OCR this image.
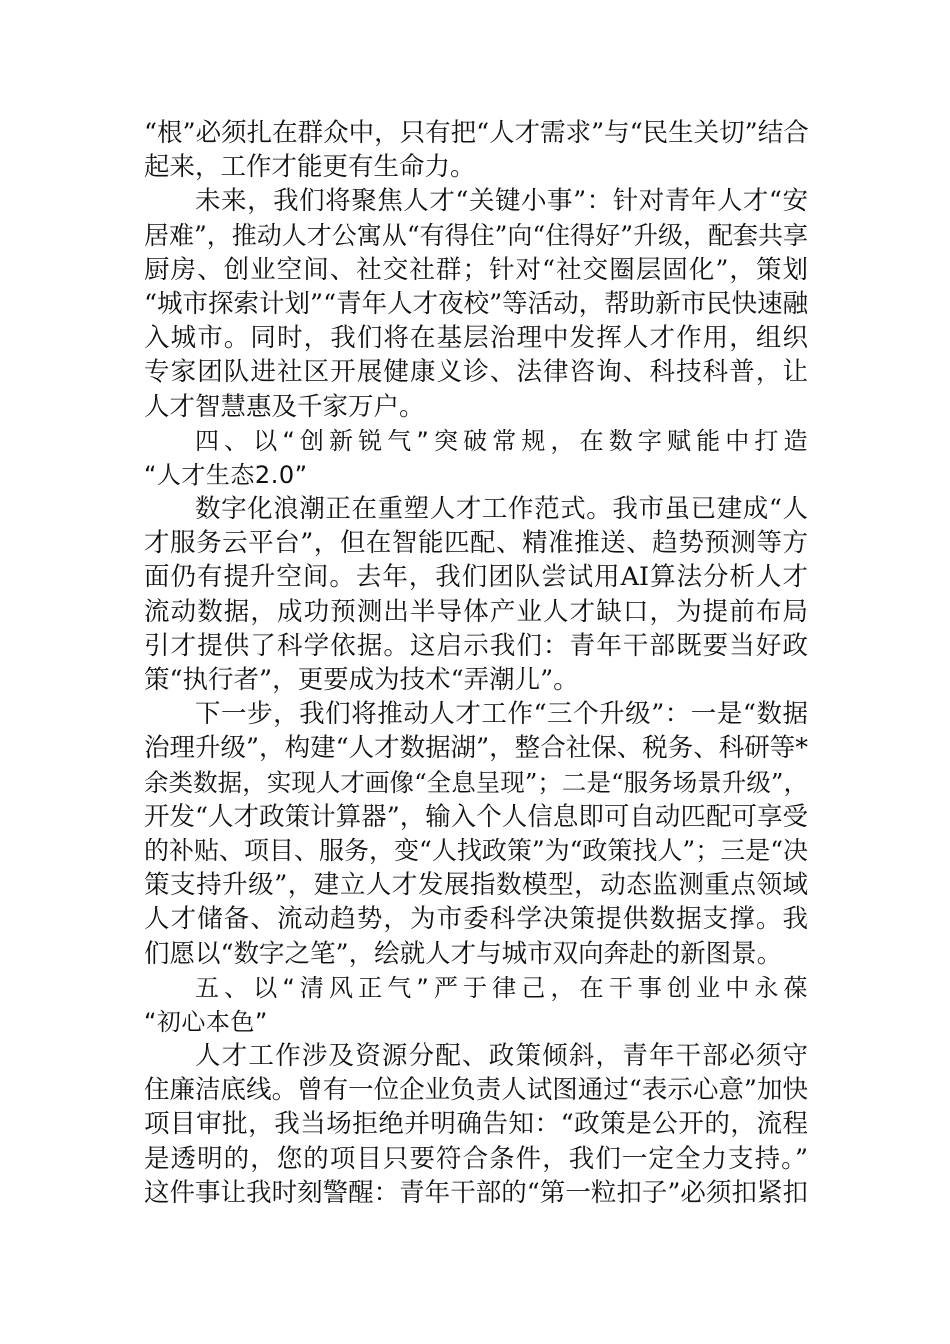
“根”必须扎在群众中，只有把“人才需求”与“民生关切”结合
起来，工作才能更有生命力。
未来，我们将聚焦人才“关键小事”：针对青年人才“安
居难”，推动人才公寓从“有得住”向“住得好”升级，配套共享
厨房、创业空间、社交社群；针对“社交圈层固化”，策划
“城市探索计划”“青年人才夜校”等活动，帮助新市民快速融
入城市。同时，我们将在基层治理中发挥人才作用，组织
专家团队进社区开展健康义诊、法律咨询、科技科普，让
人才智慧惠及千家万户。
四、以“创新锐气”突破常规，在数字赋能中打造
“人才生态2.0”
数字化浪潮正在重塑人才工作范式。我市虽已建成“人
才服务云平台”，但在智能匹配、精准推送、趋势预测等方
面仍有提升空间。去年，我们团队尝试用AI算法分析人才
流动数据，成功预测出半导体产业人才缺口，为提前布局
引才提供了科学依据。这启示我们：青年干部既要当好政
策“执行者”，更要成为技术“弄潮儿”。
下一步，我们将推动人才工作“三个升级”：一是“数据
治理升级”，构建“人才数据湖”，整合社保、税务、科研等*
余类数据，实现人才画像“全息呈现”；二是“服务场景升级”，
开发“人才政策计算器”，输入个人信息即可自动匹配可享受
的补贴、项目、服务，变“人找政策”为“政策找人”；三是“决
策支持升级”，建立人才发展指数模型，动态监测重点领域
人才储备、流动趋势，为市委科学决策提供数据支撑。我
们愿以“数字之笔”，绘就人才与城市双向奔赴的新图景。
五、以“清风正气”严于律己，在干事创业中永葆
“初心本色”
人才工作涉及资源分配、政策倾斜，青年干部必须守
住廉洁底线。曾有一位企业负责人试图通过“表示心意”加快
项目审批，我当场拒绝并明确告知：“政策是公开的，流程
是透明的，您的项目只要符合条件，我们一定全力支持。”
这件事让我时刻警醒：青年干部的“第一粒扣子”必须扣紧扣
